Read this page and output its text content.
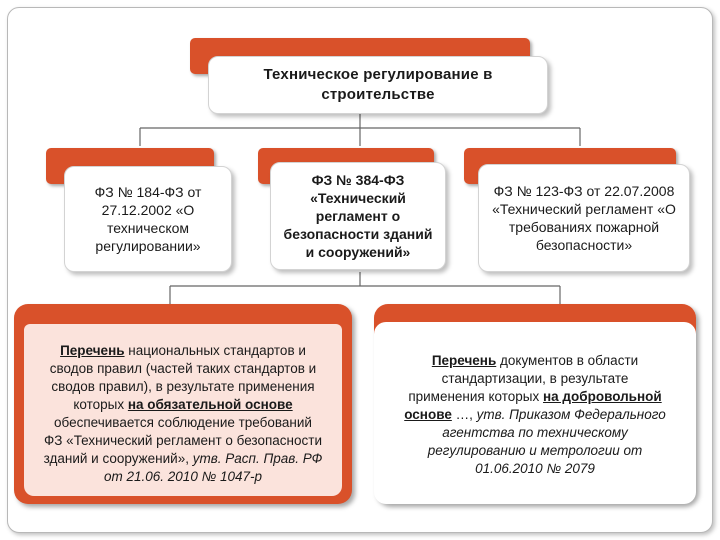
Техническое регулирование в
строительстве
ФЗ № 184-ФЗ от
27.12.2002 «О
техническом
регулировании»
ФЗ № 384-ФЗ
«Технический
регламент о
безопасности зданий
и сооружений»
ФЗ № 123-ФЗ от 22.07.2008
«Технический регламент «О
требованиях пожарной
безопасности»
Перечень национальных стандартов и
сводов правил (частей таких стандартов и
сводов правил), в результате применения
которых на обязательной основе
обеспечивается соблюдение требований
ФЗ «Технический регламент о безопасности
зданий и сооружений», утв. Расп. Прав. РФ
от 21.06. 2010 № 1047-р
Перечень документов в области
стандартизации, в результате
применения которых на добровольной
основе …, утв. Приказом Федерального
агентства по техническому
регулированию и метрологии от
01.06.2010 № 2079
